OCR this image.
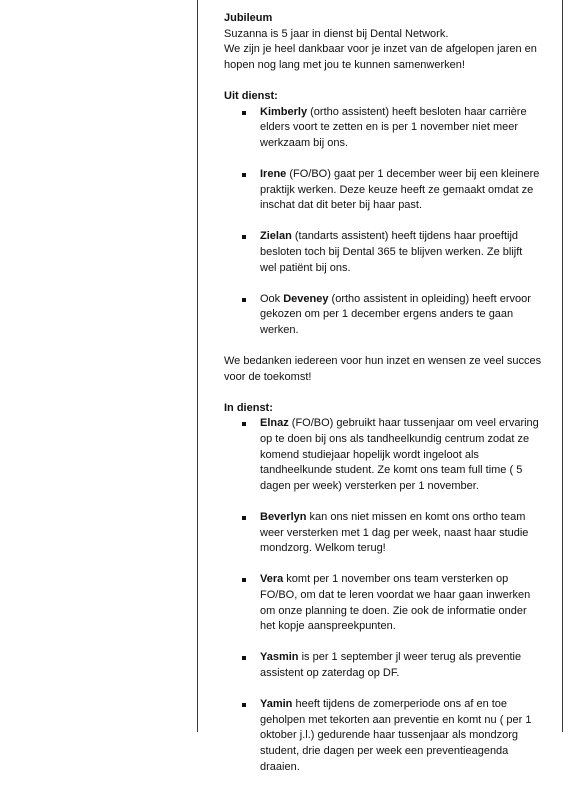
Jubileum
Suzanna is 5 jaar in dienst bij Dental Network.
We zijn je heel dankbaar voor je inzet van de afgelopen jaren en
hopen nog lang met jou te kunnen samenwerken!
Uit dienst:
Kimberly (ortho assistent) heeft besloten haar carrière
elders voort te zetten en is per 1 november niet meer
werkzaam bij ons.
Irene (FO/BO) gaat per 1 december weer bij een kleinere
praktijk werken. Deze keuze heeft ze gemaakt omdat ze
inschat dat dit beter bij haar past.
Zielan (tandarts assistent) heeft tijdens haar proeftijd
besloten toch bij Dental 365 te blijven werken. Ze blijft
wel patiënt bij ons.
Ook Deveney (ortho assistent in opleiding) heeft ervoor
gekozen om per 1 december ergens anders te gaan
werken.
We bedanken iedereen voor hun inzet en wensen ze veel succes
voor de toekomst!
In dienst:
Elnaz (FO/BO) gebruikt haar tussenjaar om veel ervaring
op te doen bij ons als tandheelkundig centrum zodat ze
komend studiejaar hopelijk wordt ingeloot als
tandheelkunde student. Ze komt ons team full time ( 5
dagen per week) versterken per 1 november.
Beverlyn kan ons niet missen en komt ons ortho team
weer versterken met 1 dag per week, naast haar studie
mondzorg. Welkom terug!
Vera komt per 1 november ons team versterken op
FO/BO, om dat te leren voordat we haar gaan inwerken
om onze planning te doen. Zie ook de informatie onder
het kopje aanspreekpunten.
Yasmin is per 1 september jl weer terug als preventie
assistent op zaterdag op DF.
Yamin heeft tijdens de zomerperiode ons af en toe
geholpen met tekorten aan preventie en komt nu ( per 1
oktober j.l.) gedurende haar tussenjaar als mondzorg
student, drie dagen per week een preventieagenda
draaien.
